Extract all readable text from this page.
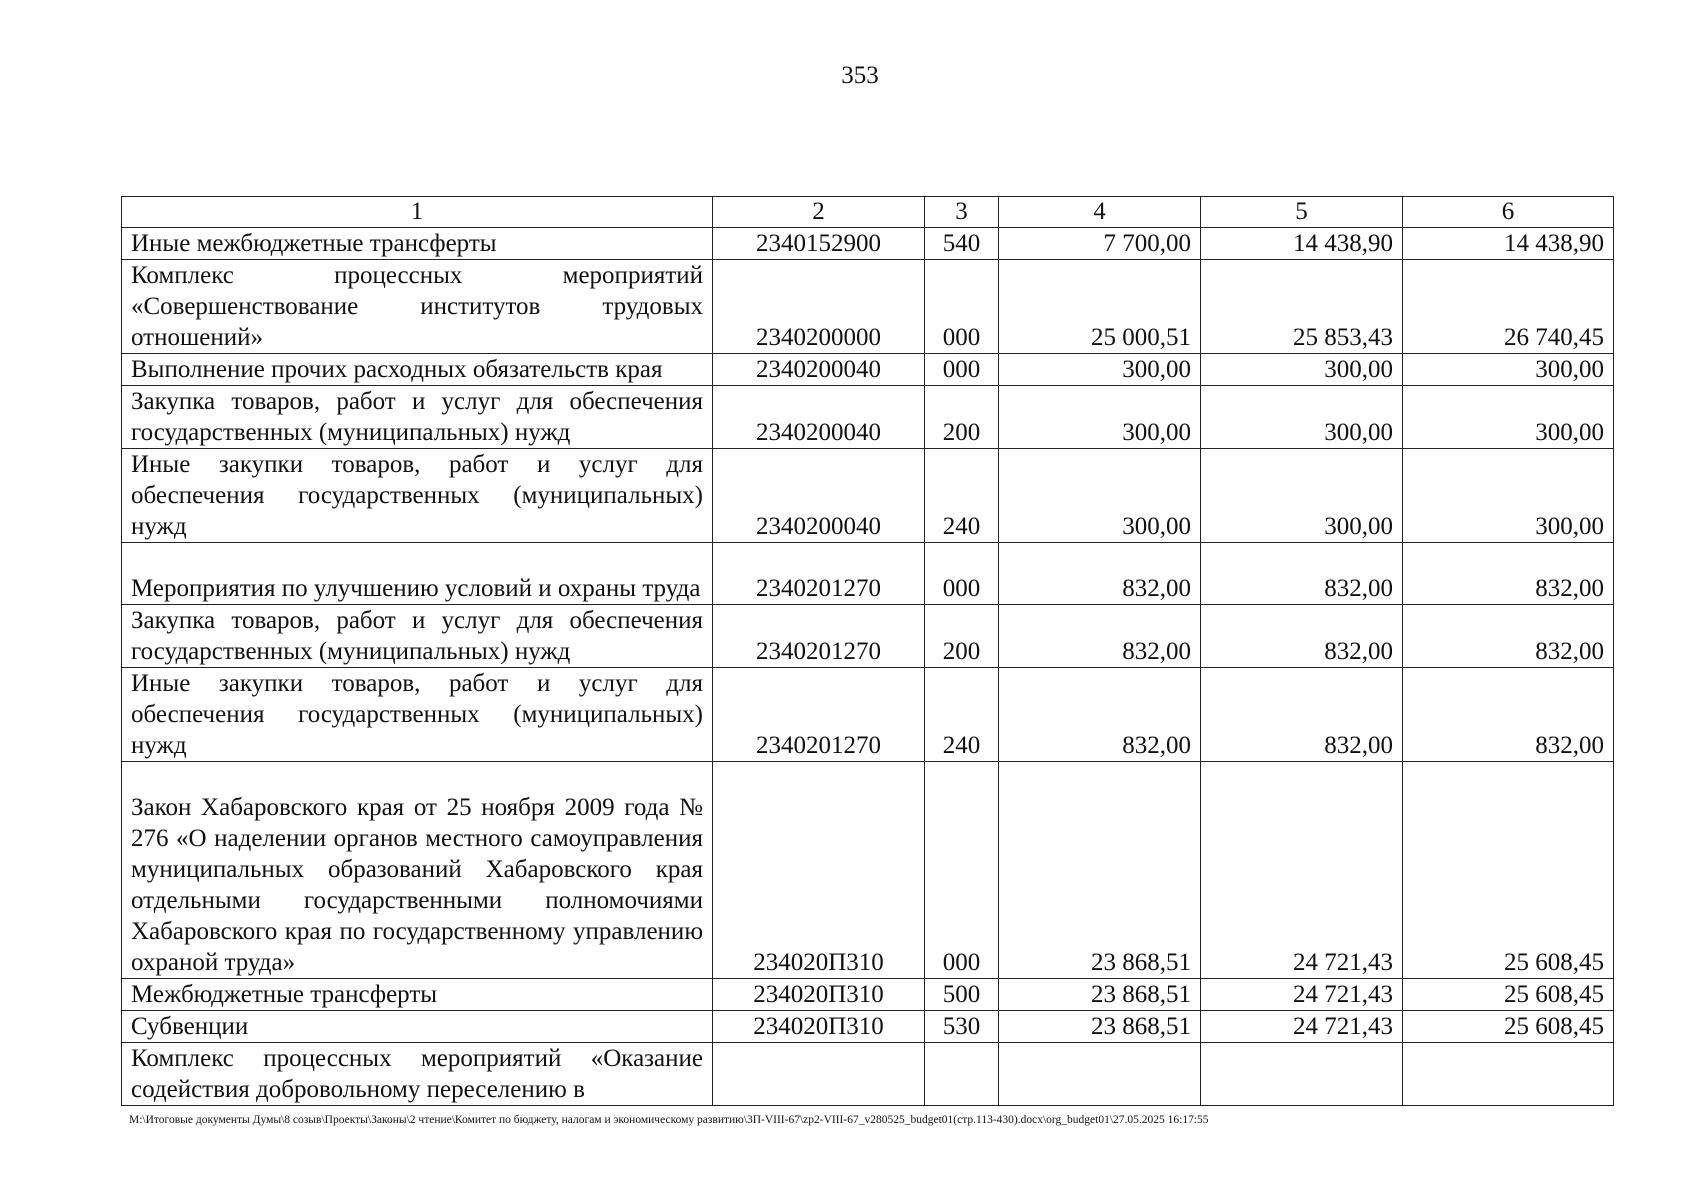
353
1	2	3	4	5	6
Иные межбюджетные трансферты	2340152900	540	7 700,00	14 438,90	14 438,90
Комплекс процессных мероприятий «Совершенствование институтов трудовых отношений»	2340200000	000	25 000,51	25 853,43	26 740,45
Выполнение прочих расходных обязательств края	2340200040	000	300,00	300,00	300,00
Закупка товаров, работ и услуг для обеспечения государственных (муниципальных) нужд	2340200040	200	300,00	300,00	300,00
Иные закупки товаров, работ и услуг для обеспечения государственных (муниципальных) нужд	2340200040	240	300,00	300,00	300,00
Мероприятия по улучшению условий и охраны труда	2340201270	000	832,00	832,00	832,00
Закупка товаров, работ и услуг для обеспечения государственных (муниципальных) нужд	2340201270	200	832,00	832,00	832,00
Иные закупки товаров, работ и услуг для обеспечения государственных (муниципальных) нужд	2340201270	240	832,00	832,00	832,00
Закон Хабаровского края от 25 ноября 2009 года № 276 «О наделении органов местного самоуправления муниципальных образований Хабаровского края отдельными государственными полномочиями Хабаровского края по государственному управлению охраной труда»	234020П310	000	23 868,51	24 721,43	25 608,45
Межбюджетные трансферты	234020П310	500	23 868,51	24 721,43	25 608,45
Субвенции	234020П310	530	23 868,51	24 721,43	25 608,45
Комплекс процессных мероприятий «Оказание содействия добровольному переселению в					
М:\Итоговые документы Думы\8 созыв\Проекты\Законы\2 чтение\Комитет по бюджету, налогам и экономическому развитию\3П-VIII-67\zp2-VIII-67_v280525_budget01(стр.113-430).docx\org_budget01\27.05.2025 16:17:55
